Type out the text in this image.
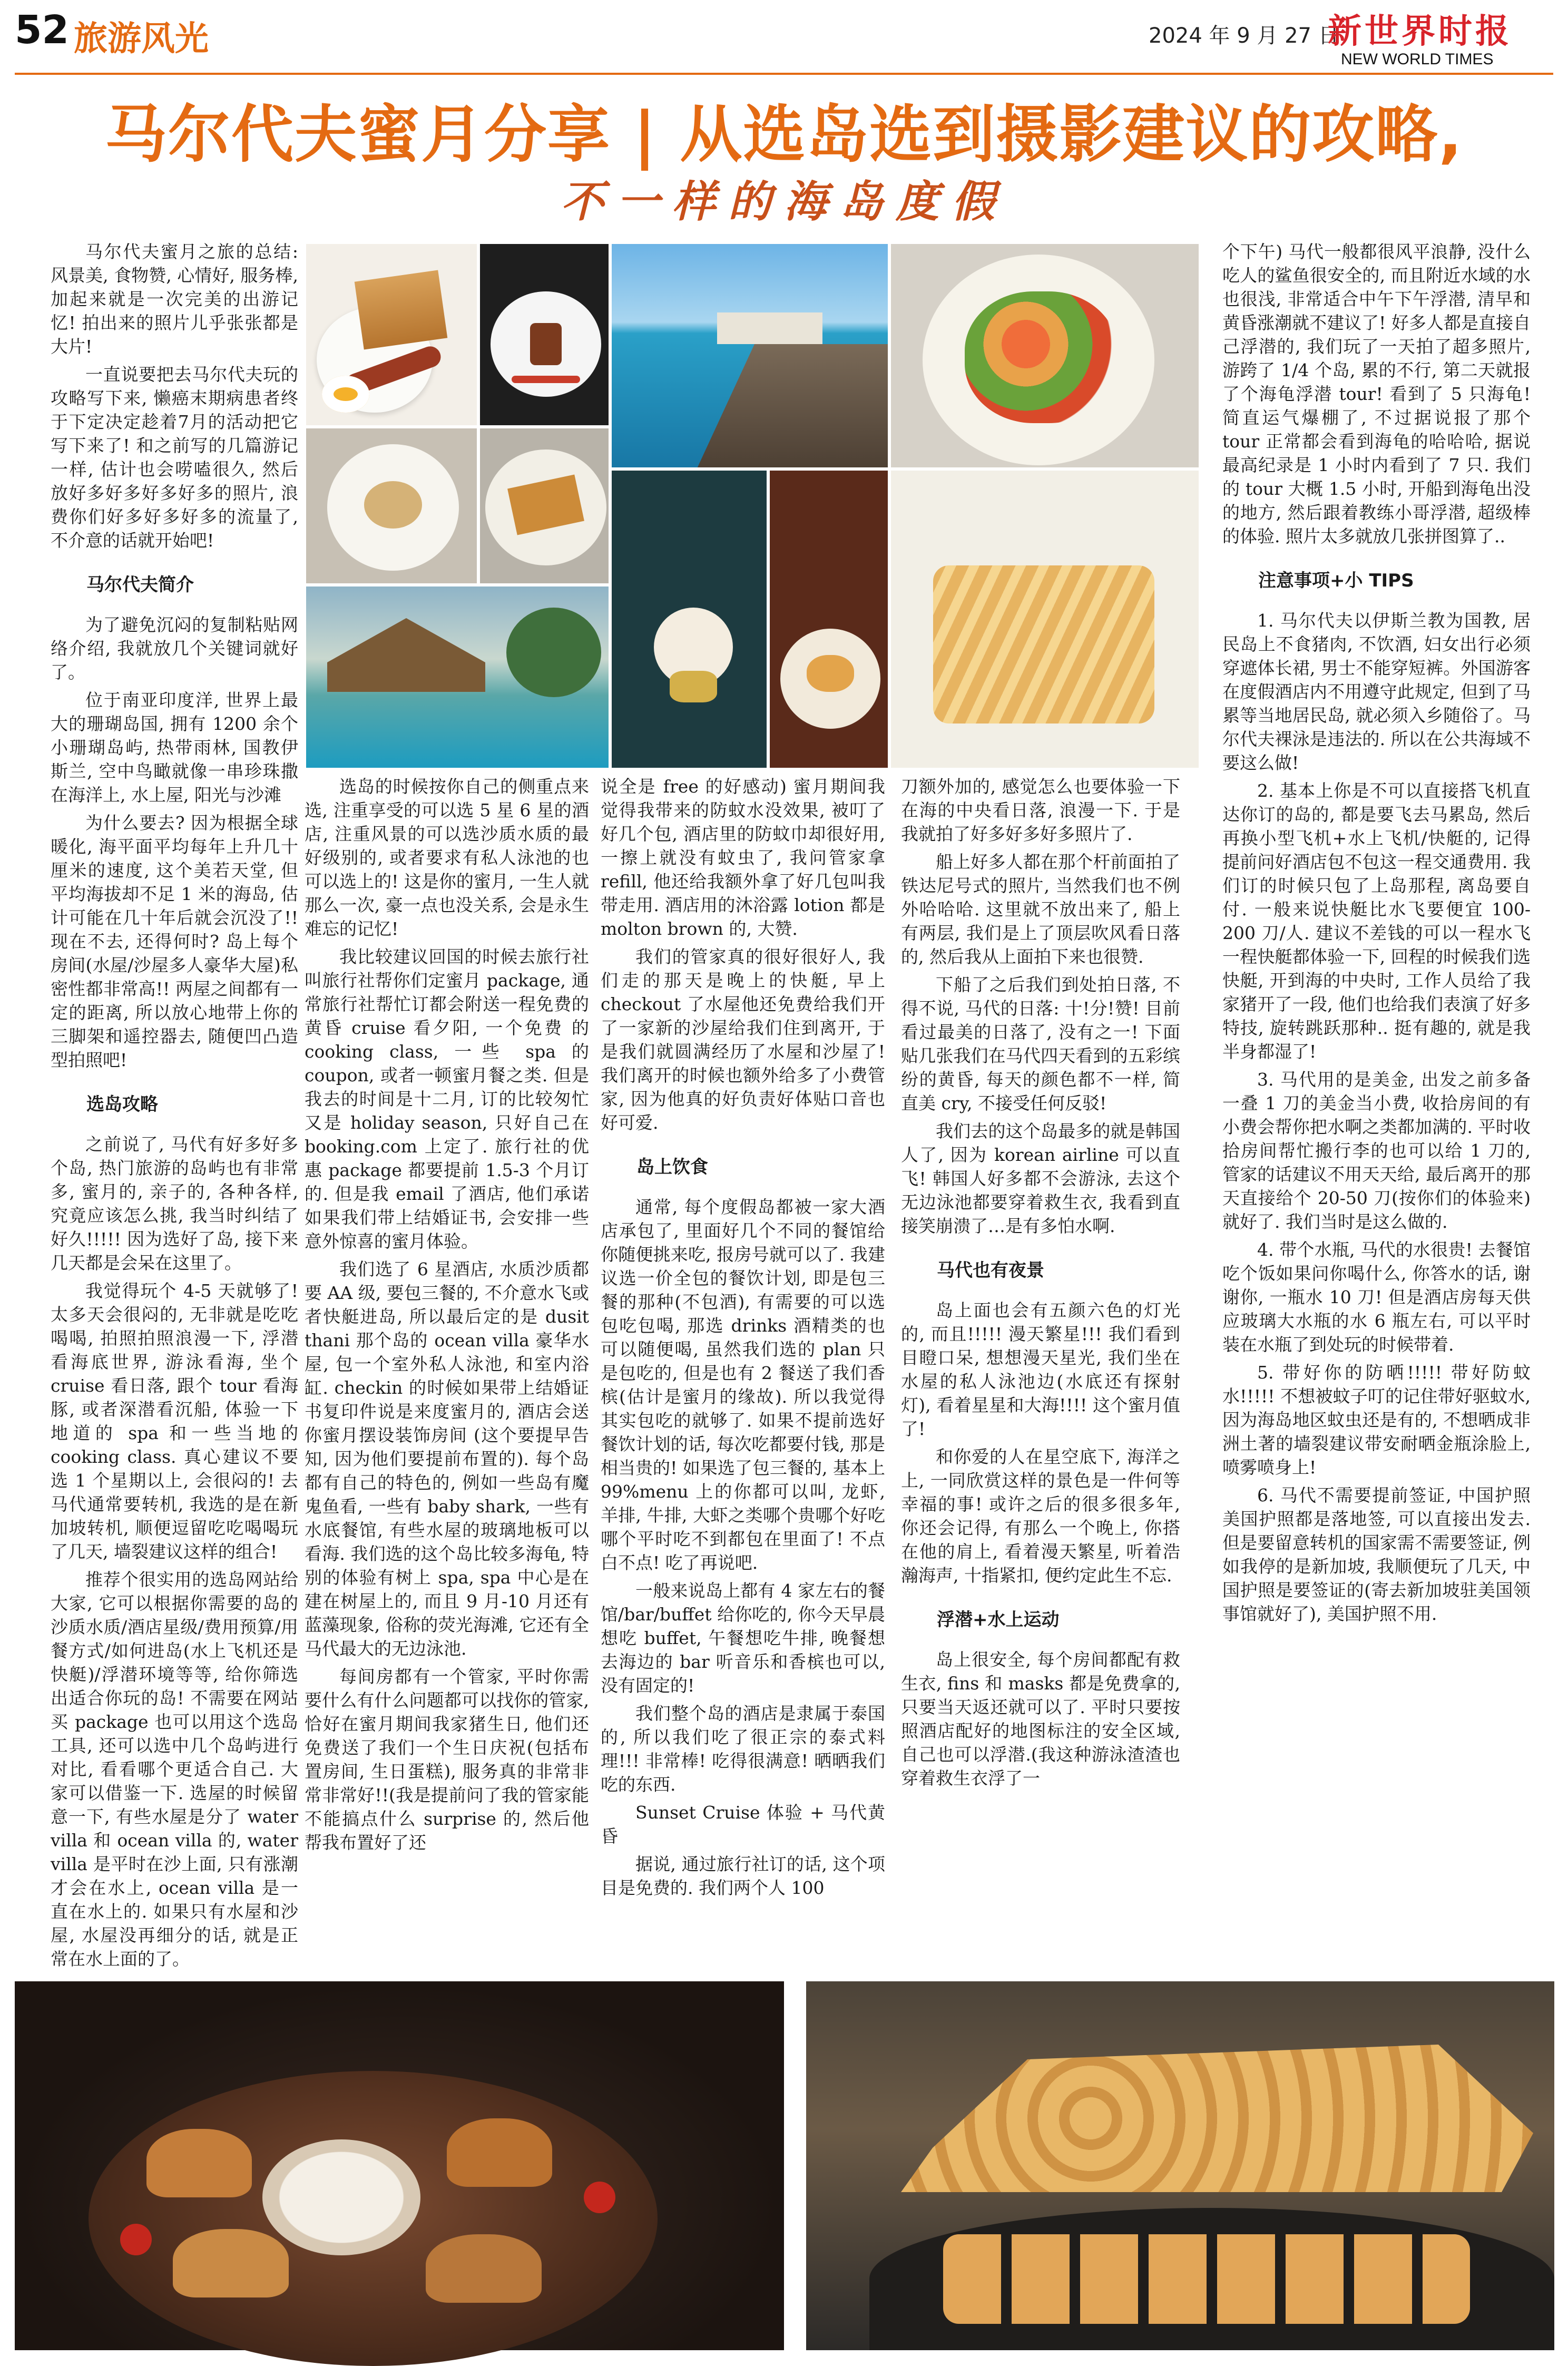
52 旅游风光	2024 年 9 月 27 日
新世界时报
NEW WORLD TIMES
马尔代夫蜜月分享 | 从选岛选到摄影建议的攻略,
不一样的海岛度假

马尔代夫蜜月之旅的总结: 风景美, 食物赞, 心情好, 服务棒, 加起来就是一次完美的出游记忆! 拍出来的照片儿乎张张都是大片!

一直说要把去马尔代夫玩的攻略写下来, 懒癌末期病患者终于下定决定趁着7月的活动把它写下来了! 和之前写的几篇游记一样, 估计也会唠嗑很久, 然后放好多好多好多好多的照片, 浪费你们好多好多好多的流量了, 不介意的话就开始吧!

马尔代夫简介

为了避免沉闷的复制粘贴网络介绍, 我就放几个关键词就好了。

位于南亚印度洋, 世界上最大的珊瑚岛国, 拥有 1200 余个小珊瑚岛屿, 热带雨林, 国教伊斯兰, 空中鸟瞰就像一串珍珠撒在海洋上, 水上屋, 阳光与沙滩

为什么要去? 因为根据全球暖化, 海平面平均每年上升几十厘米的速度, 这个美若天堂, 但平均海拔却不足 1 米的海岛, 估计可能在几十年后就会沉没了!! 现在不去, 还得何时? 岛上每个房间(水屋/沙屋多人豪华大屋)私密性都非常高!! 两屋之间都有一定的距离, 所以放心地带上你的三脚架和遥控器去, 随便凹凸造型拍照吧!

选岛攻略

之前说了, 马代有好多好多个岛, 热门旅游的岛屿也有非常多, 蜜月的, 亲子的, 各种各样, 究竟应该怎么挑, 我当时纠结了好久!!!!! 因为选好了岛, 接下来几天都是会呆在这里了。

我觉得玩个 4-5 天就够了! 太多天会很闷的, 无非就是吃吃喝喝, 拍照拍照浪漫一下, 浮潜看海底世界, 游泳看海, 坐个 cruise 看日落, 跟个 tour 看海豚, 或者深潜看沉船, 体验一下地道的 spa 和一些当地的 cooking class. 真心建议不要选 1 个星期以上, 会很闷的! 去马代通常要转机, 我选的是在新加坡转机, 顺便逗留吃吃喝喝玩了几天, 墙裂建议这样的组合!

推荐个很实用的选岛网站给大家, 它可以根据你需要的岛的沙质水质/酒店星级/费用预算/用餐方式/如何进岛(水上飞机还是快艇)/浮潜环境等等, 给你筛选出适合你玩的岛! 不需要在网站买 package 也可以用这个选岛工具, 还可以选中几个岛屿进行对比, 看看哪个更适合自己. 大家可以借鉴一下. 选屋的时候留意一下, 有些水屋是分了 water villa 和 ocean villa 的, water villa 是平时在沙上面, 只有涨潮才会在水上, ocean villa 是一直在水上的. 如果只有水屋和沙屋, 水屋没再细分的话, 就是正常在水上面的了。

选岛的时候按你自己的侧重点来选, 注重享受的可以选 5 星 6 星的酒店, 注重风景的可以选沙质水质的最好级别的, 或者要求有私人泳池的也可以选上的! 这是你的蜜月, 一生人就那么一次, 豪一点也没关系, 会是永生难忘的记忆!

我比较建议回国的时候去旅行社叫旅行社帮你们定蜜月 package, 通常旅行社帮忙订都会附送一程免费的黄昏 cruise 看夕阳, 一个免费 的 cooking class, 一些 spa 的 coupon, 或者一顿蜜月餐之类. 但是我去的时间是十二月, 订的比较匆忙又是 holiday season, 只好自己在 booking.com 上定了. 旅行社的优惠 package 都要提前 1.5-3 个月订的. 但是我 email 了酒店, 他们承诺如果我们带上结婚证书, 会安排一些意外惊喜的蜜月体验。

我们选了 6 星酒店, 水质沙质都要 AA 级, 要包三餐的, 不介意水飞或者快艇进岛, 所以最后定的是 dusit thani 那个岛的 ocean villa 豪华水屋, 包一个室外私人泳池, 和室内浴缸. checkin 的时候如果带上结婚证书复印件说是来度蜜月的, 酒店会送你蜜月摆设装饰房间 (这个要提早告知, 因为他们要提前布置的). 每个岛都有自己的特色的, 例如一些岛有魔鬼鱼看, 一些有 baby shark, 一些有水底餐馆, 有些水屋的玻璃地板可以看海. 我们选的这个岛比较多海龟, 特别的体验有树上 spa, spa 中心是在建在树屋上的, 而且 9 月-10 月还有蓝藻现象, 俗称的荧光海滩, 它还有全马代最大的无边泳池.

每间房都有一个管家, 平时你需要什么有什么问题都可以找你的管家, 恰好在蜜月期间我家猪生日, 他们还免费送了我们一个生日庆祝(包括布置房间, 生日蛋糕), 服务真的非常非常非常好!!(我是提前问了我的管家能不能搞点什么 surprise 的, 然后他帮我布置好了还

说全是 free 的好感动) 蜜月期间我觉得我带来的防蚊水没效果, 被叮了好几个包, 酒店里的防蚊巾却很好用, 一擦上就没有蚊虫了, 我问管家拿 refill, 他还给我额外拿了好几包叫我带走用. 酒店用的沐浴露 lotion 都是 molton brown 的, 大赞.

我们的管家真的很好很好人, 我们走的那天是晚上的快艇, 早上 checkout 了水屋他还免费给我们开了一家新的沙屋给我们住到离开, 于是我们就圆满经历了水屋和沙屋了! 我们离开的时候也额外给多了小费管家, 因为他真的好负责好体贴口音也好可爱.

岛上饮食

通常, 每个度假岛都被一家大酒店承包了, 里面好几个不同的餐馆给你随便挑来吃, 报房号就可以了. 我建议选一价全包的餐饮计划, 即是包三餐的那种(不包酒), 有需要的可以选包吃包喝, 那选 drinks 酒精类的也可以随便喝, 虽然我们选的 plan 只是包吃的, 但是也有 2 餐送了我们香槟(估计是蜜月的缘故). 所以我觉得其实包吃的就够了. 如果不提前选好餐饮计划的话, 每次吃都要付钱, 那是相当贵的! 如果选了包三餐的, 基本上 99%menu 上的你都可以叫, 龙虾, 羊排, 牛排, 大虾之类哪个贵哪个好吃哪个平时吃不到都包在里面了! 不点白不点! 吃了再说吧.

一般来说岛上都有 4 家左右的餐馆/bar/buffet 给你吃的, 你今天早晨想吃 buffet, 午餐想吃牛排, 晚餐想去海边的 bar 听音乐和香槟也可以, 没有固定的!

我们整个岛的酒店是隶属于泰国的, 所以我们吃了很正宗的泰式料理!!! 非常棒! 吃得很满意! 晒晒我们吃的东西.

Sunset Cruise 体验 + 马代黄昏

据说, 通过旅行社订的话, 这个项目是免费的. 我们两个人 100

刀额外加的, 感觉怎么也要体验一下在海的中央看日落, 浪漫一下. 于是我就拍了好多好多好多照片了.

船上好多人都在那个杆前面拍了铁达尼号式的照片, 当然我们也不例外哈哈哈. 这里就不放出来了, 船上有两层, 我们是上了顶层吹风看日落的, 然后我从上面拍下来也很赞.

下船了之后我们到处拍日落, 不得不说, 马代的日落: 十!分!赞! 目前看过最美的日落了, 没有之一! 下面贴几张我们在马代四天看到的五彩缤纷的黄昏, 每天的颜色都不一样, 简直美 cry, 不接受任何反驳!

我们去的这个岛最多的就是韩国人了, 因为 korean airline 可以直飞! 韩国人好多都不会游泳, 去这个无边泳池都要穿着救生衣, 我看到直接笑崩溃了…是有多怕水啊.

马代也有夜景

岛上面也会有五颜六色的灯光的, 而且!!!!! 漫天繁星!!! 我们看到目瞪口呆, 想想漫天星光, 我们坐在水屋的私人泳池边(水底还有探射灯), 看着星星和大海!!!! 这个蜜月值了!

和你爱的人在星空底下, 海洋之上, 一同欣赏这样的景色是一件何等幸福的事! 或许之后的很多很多年, 你还会记得, 有那么一个晚上, 你搭在他的肩上, 看着漫天繁星, 听着浩瀚海声, 十指紧扣, 便约定此生不忘.

浮潜+水上运动

岛上很安全, 每个房间都配有救生衣, fins 和 masks 都是免费拿的, 只要当天返还就可以了. 平时只要按照酒店配好的地图标注的安全区域, 自己也可以浮潜.(我这种游泳渣渣也穿着救生衣浮了一

个下午) 马代一般都很风平浪静, 没什么吃人的鲨鱼很安全的, 而且附近水域的水也很浅, 非常适合中午下午浮潜, 清早和黄昏涨潮就不建议了! 好多人都是直接自己浮潜的, 我们玩了一天拍了超多照片, 游跨了 1/4 个岛, 累的不行, 第二天就报了个海龟浮潜 tour! 看到了 5 只海龟! 简直运气爆棚了, 不过据说报了那个 tour 正常都会看到海龟的哈哈哈, 据说最高纪录是 1 小时内看到了 7 只. 我们的 tour 大概 1.5 小时, 开船到海龟出没的地方, 然后跟着教练小哥浮潜, 超级棒的体验. 照片太多就放几张拼图算了..

注意事项+小 TIPS

1. 马尔代夫以伊斯兰教为国教, 居民岛上不食猪肉, 不饮酒, 妇女出行必须穿遮体长裙, 男士不能穿短裤。外国游客在度假酒店内不用遵守此规定, 但到了马累等当地居民岛, 就必须入乡随俗了。马尔代夫裸泳是违法的. 所以在公共海域不要这么做!

2. 基本上你是不可以直接搭飞机直达你订的岛的, 都是要飞去马累岛, 然后再换小型飞机+水上飞机/快艇的, 记得提前问好酒店包不包这一程交通费用. 我们订的时候只包了上岛那程, 离岛要自付. 一般来说快艇比水飞要便宜 100-200 刀/人. 建议不差钱的可以一程水飞一程快艇都体验一下, 回程的时候我们选快艇, 开到海的中央时, 工作人员给了我家猪开了一段, 他们也给我们表演了好多特技, 旋转跳跃那种.. 挺有趣的, 就是我半身都湿了!

3. 马代用的是美金, 出发之前多备一叠 1 刀的美金当小费, 收拾房间的有小费会帮你把水啊之类都加满的. 平时收拾房间帮忙搬行李的也可以给 1 刀的, 管家的话建议不用天天给, 最后离开的那天直接给个 20-50 刀(按你们的体验来)就好了. 我们当时是这么做的.

4. 带个水瓶, 马代的水很贵! 去餐馆吃个饭如果问你喝什么, 你答水的话, 谢谢你, 一瓶水 10 刀! 但是酒店房每天供应玻璃大水瓶的水 6 瓶左右, 可以平时装在水瓶了到处玩的时候带着.

5. 带好你的防晒!!!!! 带好防蚊水!!!!! 不想被蚊子叮的记住带好驱蚊水, 因为海岛地区蚊虫还是有的, 不想晒成非洲土著的墙裂建议带安耐晒金瓶涂脸上, 喷雾喷身上!

6. 马代不需要提前签证, 中国护照美国护照都是落地签, 可以直接出发去. 但是要留意转机的国家需不需要签证, 例如我停的是新加坡, 我顺便玩了几天, 中国护照是要签证的(寄去新加坡驻美国领事馆就好了), 美国护照不用.
